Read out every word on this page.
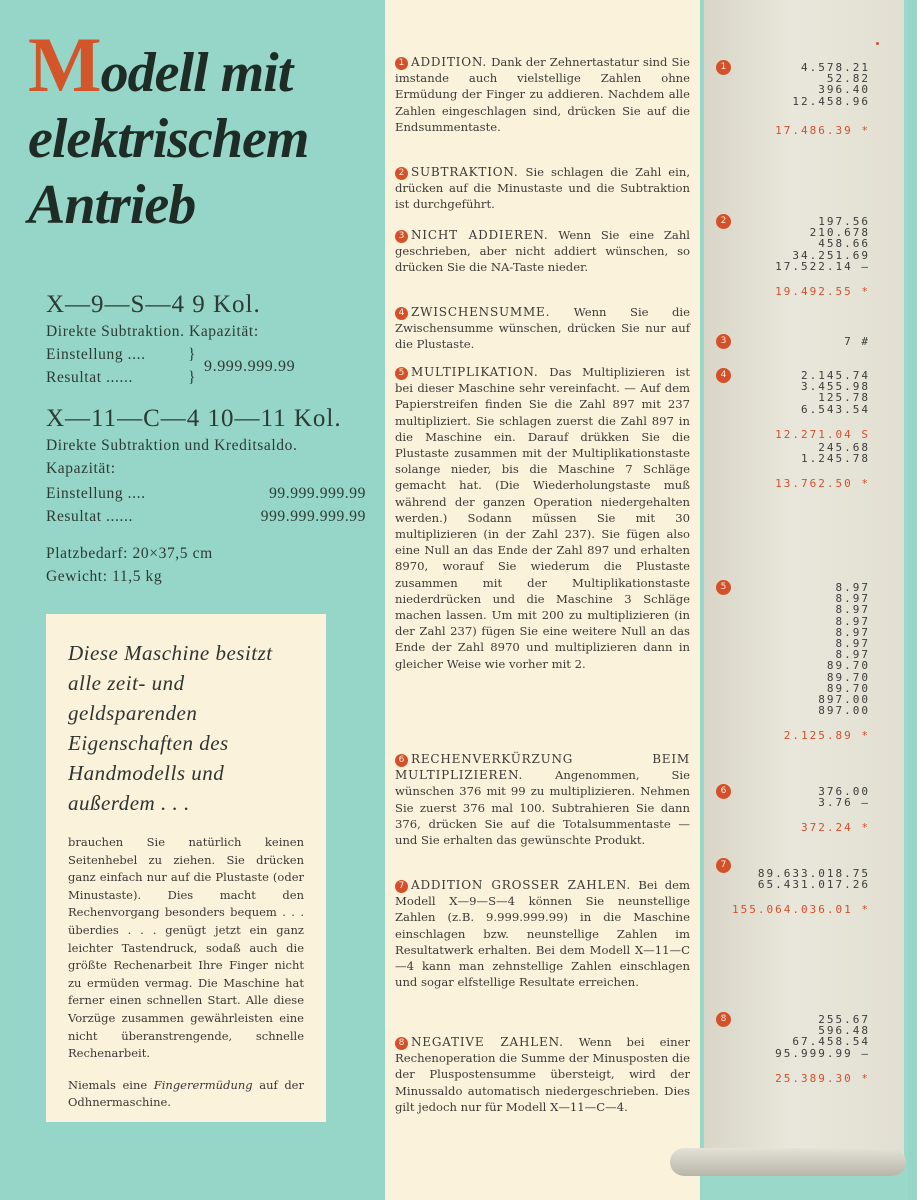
Modell mit
elektrischem
Antrieb
X—9—S—4 9 Kol.
Direkte Subtraktion. Kapazität:
Einstellung ....	}
Resultat ......	}
9.999.999.99
X—11—C—4 10—11 Kol.
Direkte Subtraktion und Kreditsaldo. Kapazität:
Einstellung ....	99.999.999.99
Resultat ......	999.999.999.99
Platzbedarf: 20×37,5 cm
Gewicht: 11,5 kg
Diese Maschine besitzt alle zeit- und geldsparenden Eigenschaften des Handmodells und außerdem . . .

brauchen Sie natürlich keinen Seitenhebel zu ziehen. Sie drücken ganz einfach nur auf die Plustaste (oder Minustaste). Dies macht den Rechenvorgang besonders bequem . . . überdies . . . genügt jetzt ein ganz leichter Tastendruck, sodaß auch die größte Rechenarbeit Ihre Finger nicht zu ermüden vermag. Die Maschine hat ferner einen schnellen Start. Alle diese Vorzüge zusammen gewährleisten eine nicht überanstrengende, schnelle Rechenarbeit.

Niemals eine Fingerermüdung auf der Odhnermaschine.

1 ADDITION. Dank der Zehnertastatur sind Sie imstande auch vielstellige Zahlen ohne Ermüdung der Finger zu addieren. Nachdem alle Zahlen eingeschlagen sind, drücken Sie auf die Endsummentaste.
2 SUBTRAKTION. Sie schlagen die Zahl ein, drücken auf die Minustaste und die Subtraktion ist durchgeführt.
3 NICHT ADDIEREN. Wenn Sie eine Zahl geschrieben, aber nicht addiert wünschen, so drücken Sie die NA-Taste nieder.
4 ZWISCHENSUMME. Wenn Sie die Zwischensumme wünschen, drücken Sie nur auf die Plustaste.
5 MULTIPLIKATION. Das Multiplizieren ist bei dieser Maschine sehr vereinfacht. — Auf dem Papierstreifen finden Sie die Zahl 897 mit 237 multipliziert. Sie schlagen zuerst die Zahl 897 in die Maschine ein. Darauf drükken Sie die Plustaste zusammen mit der Multiplikationstaste solange nieder, bis die Maschine 7 Schläge gemacht hat. (Die Wiederholungstaste muß während der ganzen Operation niedergehalten werden.) Sodann müssen Sie mit 30 multiplizieren (in der Zahl 237). Sie fügen also eine Null an das Ende der Zahl 897 und erhalten 8970, worauf Sie wiederum die Plustaste zusammen mit der Multiplikationstaste niederdrücken und die Maschine 3 Schläge machen lassen. Um mit 200 zu multiplizieren (in der Zahl 237) fügen Sie eine weitere Null an das Ende der Zahl 8970 und multiplizieren dann in gleicher Weise wie vorher mit 2.
6 RECHENVERKÜRZUNG BEIM MULTIPLIZIEREN.	Angenommen, Sie wünschen 376 mit 99 zu multiplizieren. Nehmen Sie zuerst 376 mal 100. Subtrahieren Sie dann 376, drücken Sie auf die Totalsummentaste — und Sie erhalten das gewünschte Produkt.
7 ADDITION GROSSER ZAHLEN. Bei dem Modell X—9—S—4 können Sie neunstellige Zahlen (z.B. 9.999.999.99) in die Maschine einschlagen bzw. neunstellige Zahlen im Resultatwerk erhalten. Bei dem Modell X—11—C—4 kann man zehnstellige Zahlen einschlagen und sogar elfstellige Resultate erreichen.
8 NEGATIVE ZAHLEN. Wenn bei einer Rechenoperation die Summe der Minusposten die der Pluspostensumme übersteigt, wird der Minussaldo automatisch niedergeschrieben. Dies gilt jedoch nur für Modell X—11—C—4.
1	4.578.21
52.82
396.40
12.458.96
17.486.39 *
2	197.56
210.678
458.66
34.251.69
17.522.14 –
19.492.55 *
3	7 #
4	2.145.74
3.455.98
125.78
6.543.54
12.271.04 S
245.68
1.245.78
13.762.50 *
5	8.97
8.97
8.97
8.97
8.97
8.97
8.97
89.70
89.70
89.70
897.00
897.00
2.125.89 *
6	376.00
3.76 –
372.24 *
7
89.633.018.75
65.431.017.26
155.064.036.01 *
8	255.67
596.48
67.458.54
95.999.99 –
25.389.30 *
